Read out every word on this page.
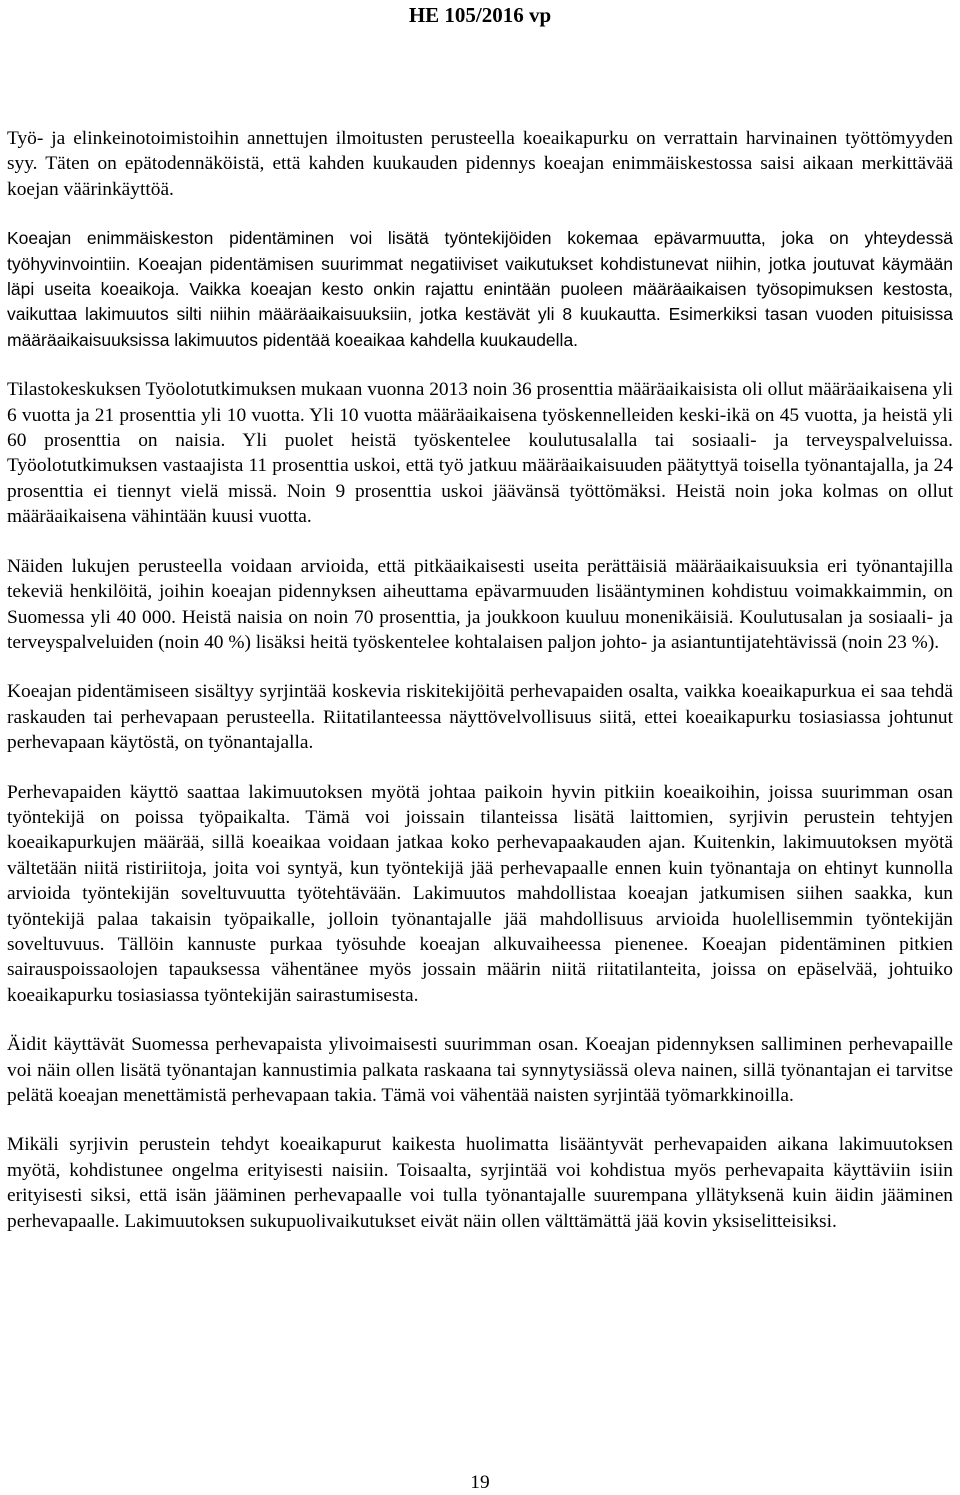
HE 105/2016 vp

Työ- ja elinkeinotoimistoihin annettujen ilmoitusten perusteella koeaikapurku on verrattain harvinainen työttömyyden syy. Täten on epätodennäköistä, että kahden kuukauden pidennys koeajan enimmäiskestossa saisi aikaan merkittävää koejan väärinkäyttöä.

Koeajan enimmäiskeston pidentäminen voi lisätä työntekijöiden kokemaa epävarmuutta, joka on yhteydessä työhyvinvointiin. Koeajan pidentämisen suurimmat negatiiviset vaikutukset kohdistunevat niihin, jotka joutuvat käymään läpi useita koeaikoja. Vaikka koeajan kesto onkin rajattu enintään puoleen määräaikaisen työsopimuksen kestosta, vaikuttaa lakimuutos silti niihin määräaikaisuuksiin, jotka kestävät yli 8 kuukautta. Esimerkiksi tasan vuoden pituisissa määräaikaisuuksissa lakimuutos pidentää koeaikaa kahdella kuukaudella.

Tilastokeskuksen Työolotutkimuksen mukaan vuonna 2013 noin 36 prosenttia määräaikaisista oli ollut määräaikaisena yli 6 vuotta ja 21 prosenttia yli 10 vuotta. Yli 10 vuotta määräaikaisena työskennelleiden keski-ikä on 45 vuotta, ja heistä yli 60 prosenttia on naisia. Yli puolet heistä työskentelee koulutusalalla tai sosiaali- ja terveyspalveluissa. Työolotutkimuksen vastaajista 11 prosenttia uskoi, että työ jatkuu määräaikaisuuden päätyttyä toisella työnantajalla, ja 24 prosenttia ei tiennyt vielä missä. Noin 9 prosenttia uskoi jäävänsä työttömäksi. Heistä noin joka kolmas on ollut määräaikaisena vähintään kuusi vuotta.

Näiden lukujen perusteella voidaan arvioida, että pitkäaikaisesti useita perättäisiä määräaikaisuuksia eri työnantajilla tekeviä henkilöitä, joihin koeajan pidennyksen aiheuttama epävarmuuden lisääntyminen kohdistuu voimakkaimmin, on Suomessa yli 40 000. Heistä naisia on noin 70 prosenttia, ja joukkoon kuuluu monenikäisiä. Koulutusalan ja sosiaali- ja terveyspalveluiden (noin 40 %) lisäksi heitä työskentelee kohtalaisen paljon johto- ja asiantuntijatehtävissä (noin 23 %).

Koeajan pidentämiseen sisältyy syrjintää koskevia riskitekijöitä perhevapaiden osalta, vaikka koeaikapurkua ei saa tehdä raskauden tai perhevapaan perusteella. Riitatilanteessa näyttövelvollisuus siitä, ettei koeaikapurku tosiasiassa johtunut perhevapaan käytöstä, on työnantajalla.

Perhevapaiden käyttö saattaa lakimuutoksen myötä johtaa paikoin hyvin pitkiin koeaikoihin, joissa suurimman osan työntekijä on poissa työpaikalta. Tämä voi joissain tilanteissa lisätä laittomien, syrjivin perustein tehtyjen koeaikapurkujen määrää, sillä koeaikaa voidaan jatkaa koko perhevapaakauden ajan. Kuitenkin, lakimuutoksen myötä vältetään niitä ristiriitoja, joita voi syntyä, kun työntekijä jää perhevapaalle ennen kuin työnantaja on ehtinyt kunnolla arvioida työntekijän soveltuvuutta työtehtävään. Lakimuutos mahdollistaa koeajan jatkumisen siihen saakka, kun työntekijä palaa takaisin työpaikalle, jolloin työnantajalle jää mahdollisuus arvioida huolellisemmin työntekijän soveltuvuus. Tällöin kannuste purkaa työsuhde koeajan alkuvaiheessa pienenee. Koeajan pidentäminen pitkien sairauspoissaolojen tapauksessa vähentänee myös jossain määrin niitä riitatilanteita, joissa on epäselvää, johtuiko koeaikapurku tosiasiassa työntekijän sairastumisesta.

Äidit käyttävät Suomessa perhevapaista ylivoimaisesti suurimman osan. Koeajan pidennyksen salliminen perhevapaille voi näin ollen lisätä työnantajan kannustimia palkata raskaana tai synnytysiässä oleva nainen, sillä työnantajan ei tarvitse pelätä koeajan menettämistä perhevapaan takia. Tämä voi vähentää naisten syrjintää työmarkkinoilla.

Mikäli syrjivin perustein tehdyt koeaikapurut kaikesta huolimatta lisääntyvät perhevapaiden aikana lakimuutoksen myötä, kohdistunee ongelma erityisesti naisiin. Toisaalta, syrjintää voi kohdistua myös perhevapaita käyttäviin isiin erityisesti siksi, että isän jääminen perhevapaalle voi tulla työnantajalle suurempana yllätyksenä kuin äidin jääminen perhevapaalle. Lakimuutoksen sukupuolivaikutukset eivät näin ollen välttämättä jää kovin yksiselitteisiksi.

19
